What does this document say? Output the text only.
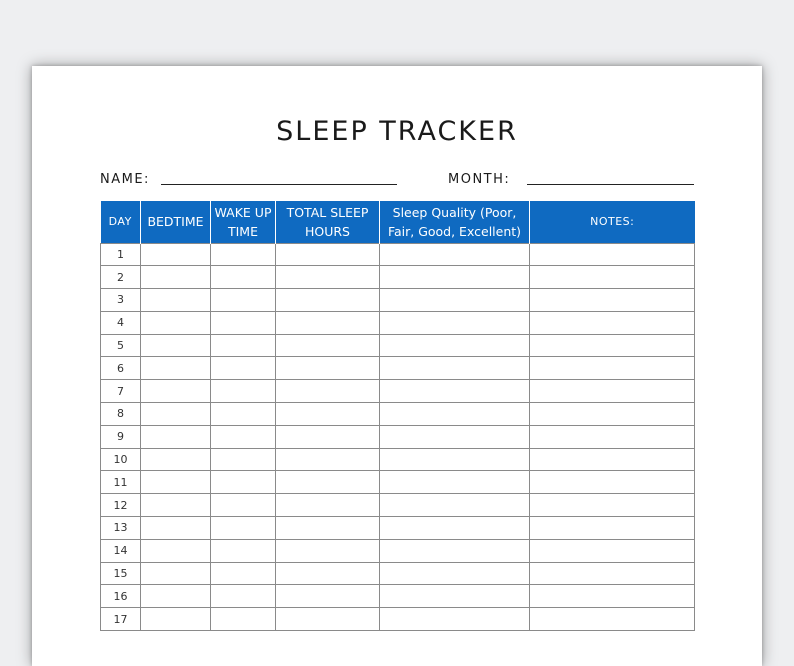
SLEEP TRACKER
NAME:	MONTH:
DAY	BEDTIME	WAKE UP TIME	TOTAL SLEEP HOURS	Sleep Quality (Poor, Fair, Good, Excellent)	NOTES:
1					
2					
3					
4					
5					
6					
7					
8					
9					
10					
11					
12					
13					
14					
15					
16					
17					
